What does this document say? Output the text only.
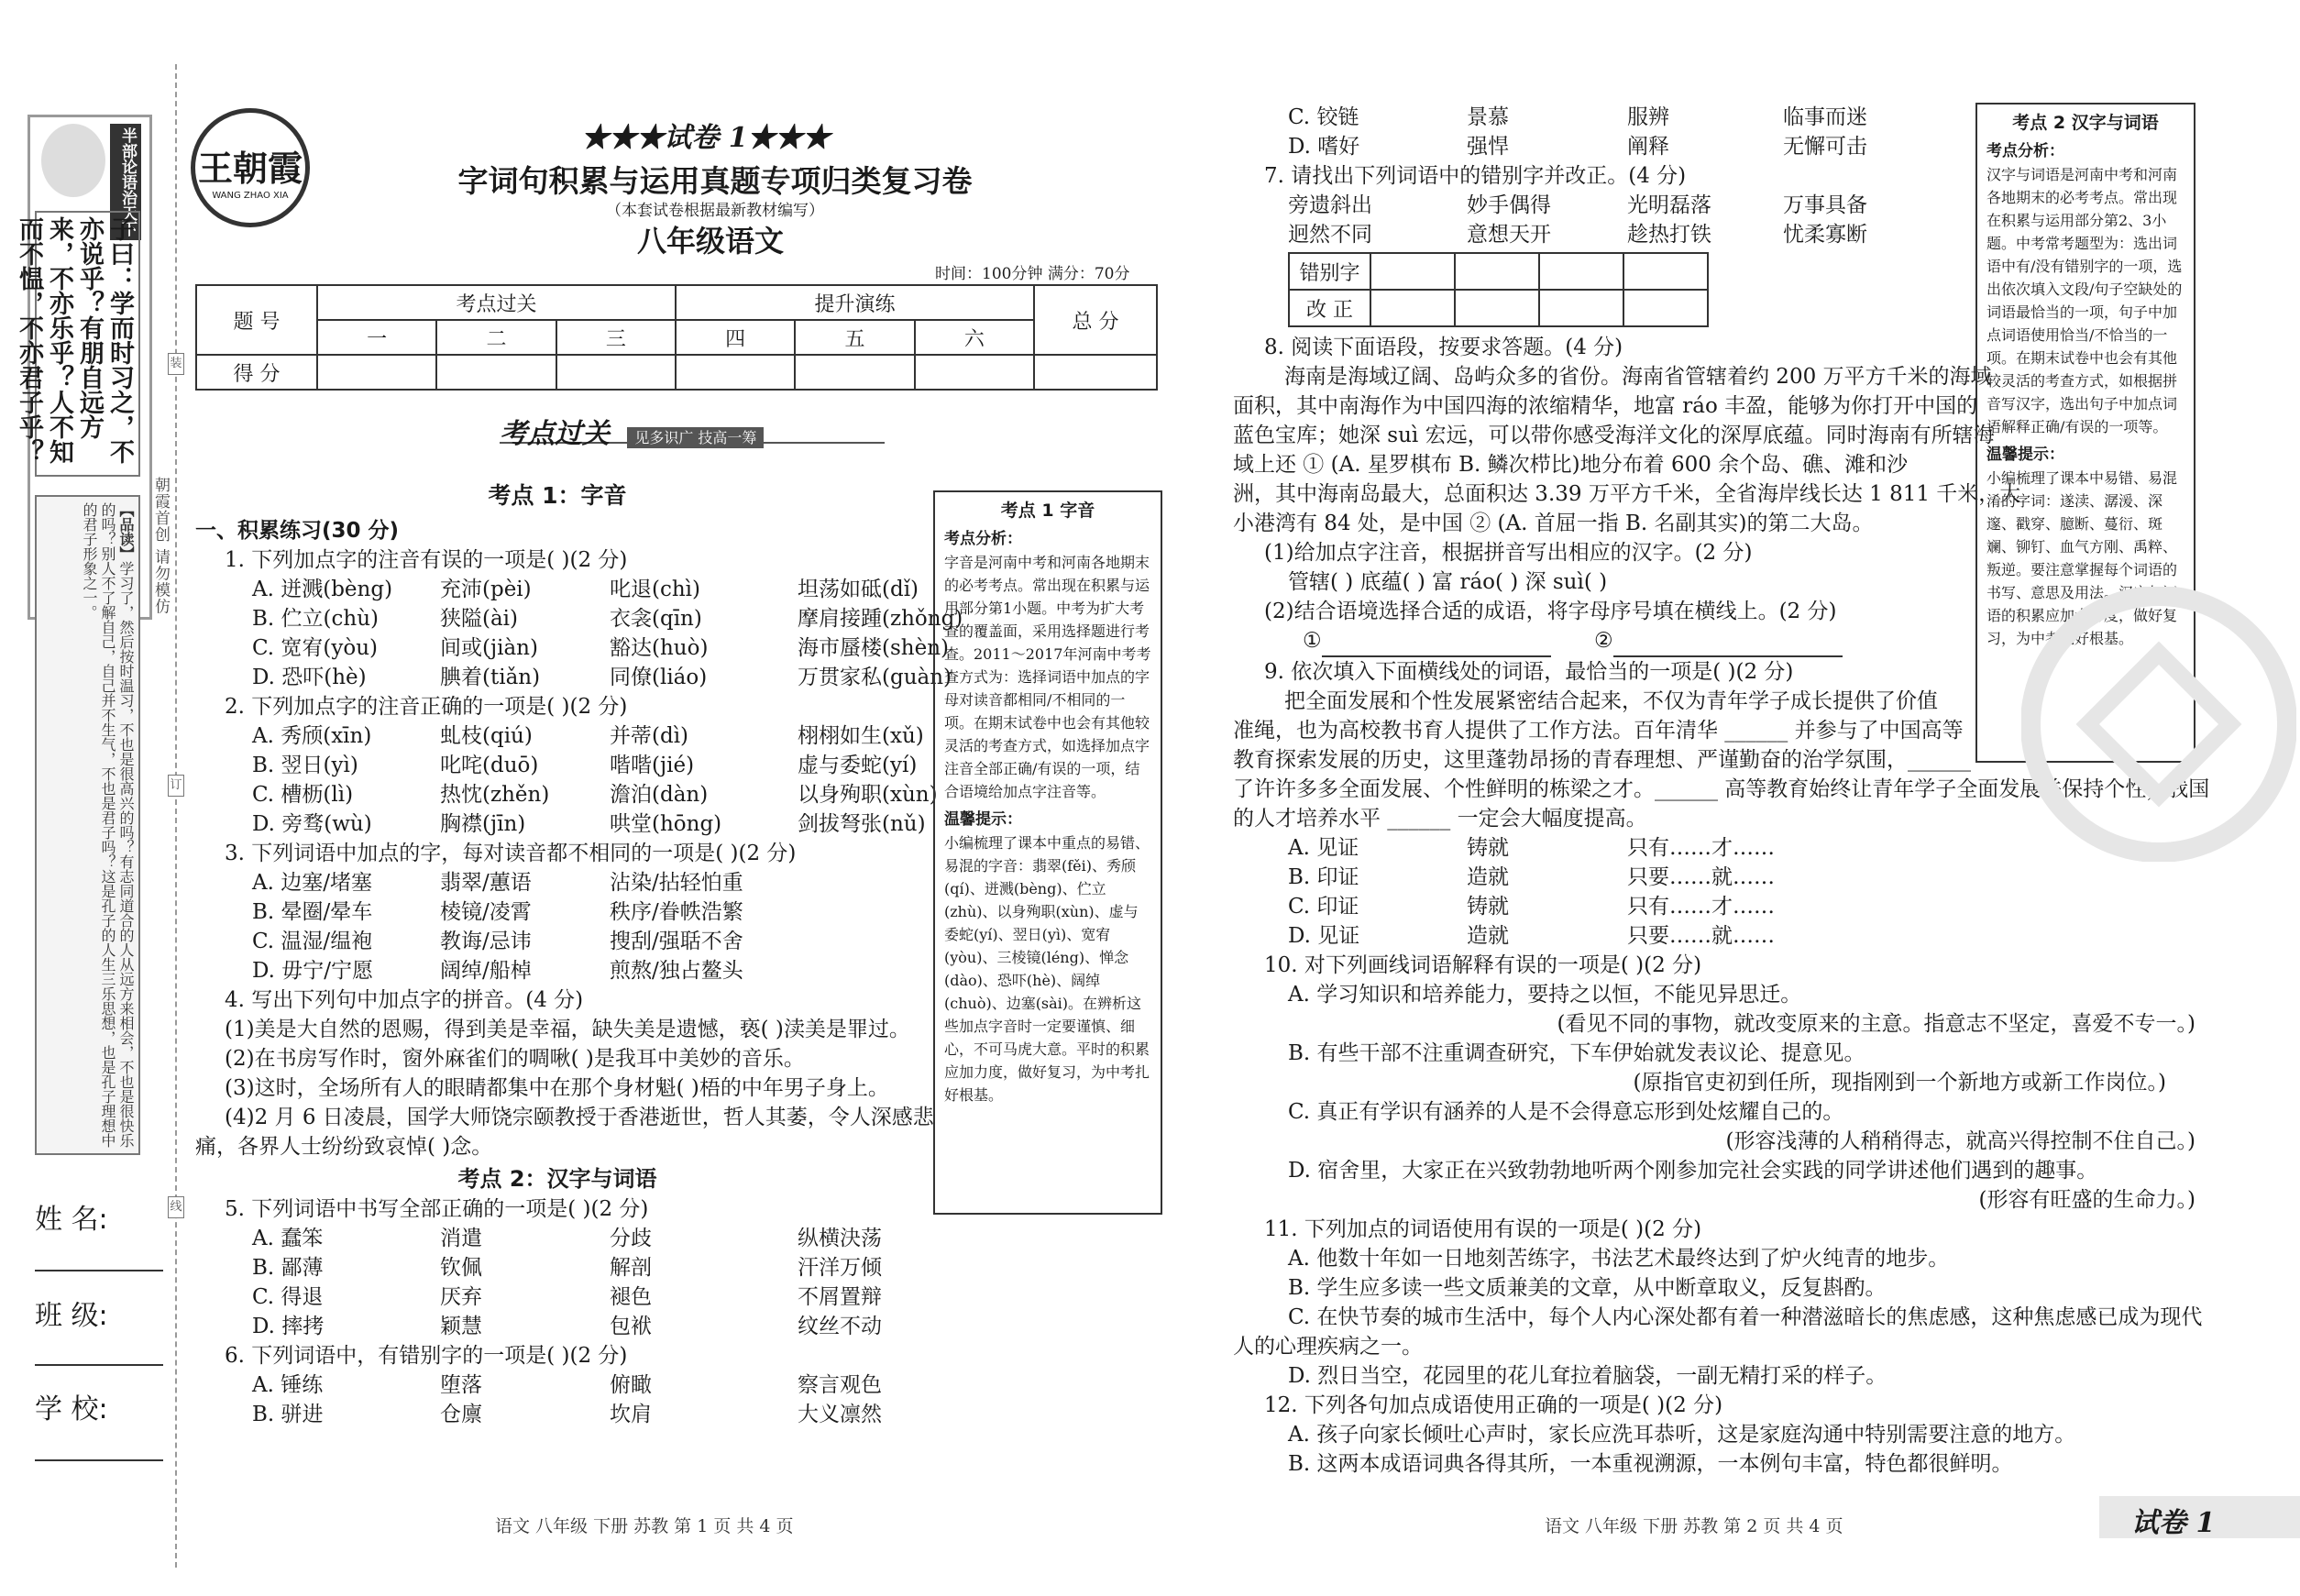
半部论语治天下
子曰：学而时习之，不亦说乎？有朋自远方来，不亦乐乎？人不知而不愠，不亦君子乎？
【品读】学习了，然后按时温习，不也是很高兴的吗？有志同道合的人从远方来相会，不也是很快乐的吗？别人不了解自己，自己并不生气，不也是君子吗？这是孔子的人生三乐思想，也是孔子理想中的君子形象之一。	朝霞首创 请勿模仿
装
订
线
姓 名:
班 级:
学 校:
王朝霞
WANG ZHAO XIA
★★★试卷 1★★★
字词句积累与运用真题专项归类复习卷
（本套试卷根据最新教材编写）
八年级语文
时间：100分钟 满分：70分
题 号	考点过关			提升演练			总 分
	一	二	三	四	五	六	
得 分							
考点过关 见多识广 技高一筹
考点 1：字音
一、积累练习(30 分)
1. 下列加点字的注音有误的一项是( )(2 分)
A. 迸溅(bèng)	充沛(pèi)	叱退(chì)	坦荡如砥(dǐ)
B. 伫立(chù)	狭隘(ài)	衣衾(qīn)	摩肩接踵(zhǒng)
C. 宽宥(yòu)	间或(jiàn)	豁达(huò)	海市蜃楼(shèn)
D. 恐吓(hè)	腆着(tiǎn)	同僚(liáo)	万贯家私(guàn)
2. 下列加点字的注音正确的一项是( )(2 分)
A. 秀颀(xīn)	虬枝(qiú)	并蒂(dì)	栩栩如生(xǔ)
B. 翌日(yì)	叱咤(duō)	喈喈(jié)	虚与委蛇(yí)
C. 槽枥(lì)	热忱(zhěn)	澹泊(dàn)	以身殉职(xùn)
D. 旁骛(wù)	胸襟(jīn)	哄堂(hōng)	剑拔弩张(nǔ)
3. 下列词语中加点的字，每对读音都不相同的一项是( )(2 分)
A. 边塞/堵塞	翡翠/蕙语	沾染/拈轻怕重
B. 晕圈/晕车	棱镜/凌霄	秩序/眷帙浩繁
C. 温湿/缊袍	教诲/忌讳	搜刮/强聒不舍
D. 毋宁/宁愿	阔绰/船棹	煎熬/独占鳌头
4. 写出下列句中加点字的拼音。(4 分)
(1)美是大自然的恩赐，得到美是幸福，缺失美是遗憾，亵( )渎美是罪过。
(2)在书房写作时，窗外麻雀们的啁啾( )是我耳中美妙的音乐。
(3)这时，全场所有人的眼睛都集中在那个身材魁( )梧的中年男子身上。
(4)2 月 6 日凌晨，国学大师饶宗颐教授于香港逝世，哲人其萎，令人深感悲
痛，各界人士纷纷致哀悼( )念。
考点 2：汉字与词语
5. 下列词语中书写全部正确的一项是( )(2 分)
A. 蠢笨	消遣	分歧	纵横決荡
B. 鄙薄	钦佩	解剖	汗洋万倾
C. 得退	厌弃	褪色	不屑置辩
D. 摔拷	颖慧	包袱	纹丝不动
6. 下列词语中，有错别字的一项是( )(2 分)
A. 锤练	堕落	俯瞰	察言观色
B. 骈进	仓廪	坎肩	大义凛然
考点 1 字音
考点分析：
字音是河南中考和河南各地期末的必考考点。常出现在积累与运用部分第1小题。中考为扩大考查的覆盖面，采用选择题进行考查。2011～2017年河南中考考查方式为：选择词语中加点的字母对读音都相同/不相同的一项。在期末试卷中也会有其他较灵活的考查方式，如选择加点字注音全部正确/有误的一项，结合语境给加点字注音等。
温馨提示：
小编梳理了课本中重点的易错、易混的字音：翡翠(fěi)、秀颀(qí)、迸溅(bèng)、伫立(zhù)、以身殉职(xùn)、虚与委蛇(yí)、翌日(yì)、宽宥(yòu)、三棱镜(léng)、惮念(dào)、恐吓(hè)、阔绰(chuò)、边塞(sài)。在辨析这些加点字音时一定要谨慎、细心，不可马虎大意。平时的积累应加力度，做好复习，为中考扎好根基。
语文 八年级 下册 苏教 第 1 页 共 4 页
C. 铰链	景慕	服辨	临事而迷
D. 嗜好	强悍	阐释	无懈可击
7. 请找出下列词语中的错别字并改正。(4 分)
旁遗斜出	妙手偶得	光明磊落	万事具备
迥然不同	意想天开	趁热打铁	忧柔寡断
错别字				
改 正				
8. 阅读下面语段，按要求答题。(4 分)
海南是海域辽阔、岛屿众多的省份。海南省管辖着约 200 万平方千米的海域
面积，其中南海作为中国四海的浓缩精华，地富 ráo 丰盈，能够为你打开中国的
蓝色宝库；她深 suì 宏远，可以带你感受海洋文化的深厚底蕴。同时海南有所辖海
域上还 ① (A. 星罗棋布 B. 鳞次栉比)地分布着 600 余个岛、礁、滩和沙
洲，其中海南岛最大，总面积达 3.39 万平方千米，全省海岸线长达 1 811 千米，大
小港湾有 84 处，是中国 ② (A. 首屈一指 B. 名副其实)的第二大岛。
(1)给加点字注音，根据拼音写出相应的汉字。(2 分)
管辖( ) 底蕴( ) 富 ráo( ) 深 suì( )
(2)结合语境选择合适的成语，将字母序号填在横线上。(2 分)
①	②
9. 依次填入下面横线处的词语，最恰当的一项是( )(2 分)
把全面发展和个性发展紧密结合起来，不仅为青年学子成长提供了价值
准绳，也为高校教书育人提供了工作方法。百年清华 ______ 并参与了中国高等
教育探索发展的历史，这里蓬勃昂扬的青春理想、严谨勤奋的治学氛围，______
了许许多多全面发展、个性鲜明的栋梁之才。______ 高等教育始终让青年学子全面发展并保持个性，我国
的人才培养水平 ______ 一定会大幅度提高。
A. 见证	铸就	只有……才……
B. 印证	造就	只要……就……
C. 印证	铸就	只有……才……
D. 见证	造就	只要……就……
10. 对下列画线词语解释有误的一项是( )(2 分)
A. 学习知识和培养能力，要持之以恒，不能见异思迁。
(看见不同的事物，就改变原来的主意。指意志不坚定，喜爱不专一。)
B. 有些干部不注重调查研究，下车伊始就发表议论、提意见。
(原指官吏初到任所，现指刚到一个新地方或新工作岗位。)
C. 真正有学识有涵养的人是不会得意忘形到处炫耀自己的。
(形容浅薄的人稍稍得志，就高兴得控制不住自己。)
D. 宿舍里，大家正在兴致勃勃地听两个刚参加完社会实践的同学讲述他们遇到的趣事。
(形容有旺盛的生命力。)
11. 下列加点的词语使用有误的一项是( )(2 分)
A. 他数十年如一日地刻苦练字，书法艺术最终达到了炉火纯青的地步。
B. 学生应多读一些文质兼美的文章，从中断章取义，反复斟酌。
C. 在快节奏的城市生活中，每个人内心深处都有着一种潜滋暗长的焦虑感，这种焦虑感已成为现代
人的心理疾病之一。
D. 烈日当空，花园里的花儿耷拉着脑袋，一副无精打采的样子。
12. 下列各句加点成语使用正确的一项是( )(2 分)
A. 孩子向家长倾吐心声时，家长应洗耳恭听，这是家庭沟通中特别需要注意的地方。
B. 这两本成语词典各得其所，一本重视溯源，一本例句丰富，特色都很鲜明。
考点 2 汉字与词语
考点分析：
汉字与词语是河南中考和河南各地期末的必考考点。常出现在积累与运用部分第2、3小题。中考常考题型为：选出词语中有/没有错别字的一项，选出依次填入文段/句子空缺处的词语最恰当的一项，句子中加点词语使用恰当/不恰当的一项。在期末试卷中也会有其他较灵活的考查方式，如根据拼音写汉字，选出句子中加点词语解释正确/有误的一项等。
温馨提示：
小编梳理了课本中易错、易混淆的字词：遂渎、潺湲、深邃、戳穿、臆断、蔓衍、斑斓、铆钉、血气方刚、禹粹、叛逆。要注意掌握每个词语的书写、意思及用法。汉字与词语的积累应加大力度，做好复习，为中考扎好根基。
语文 八年级 下册 苏教 第 2 页 共 4 页	试卷 1
